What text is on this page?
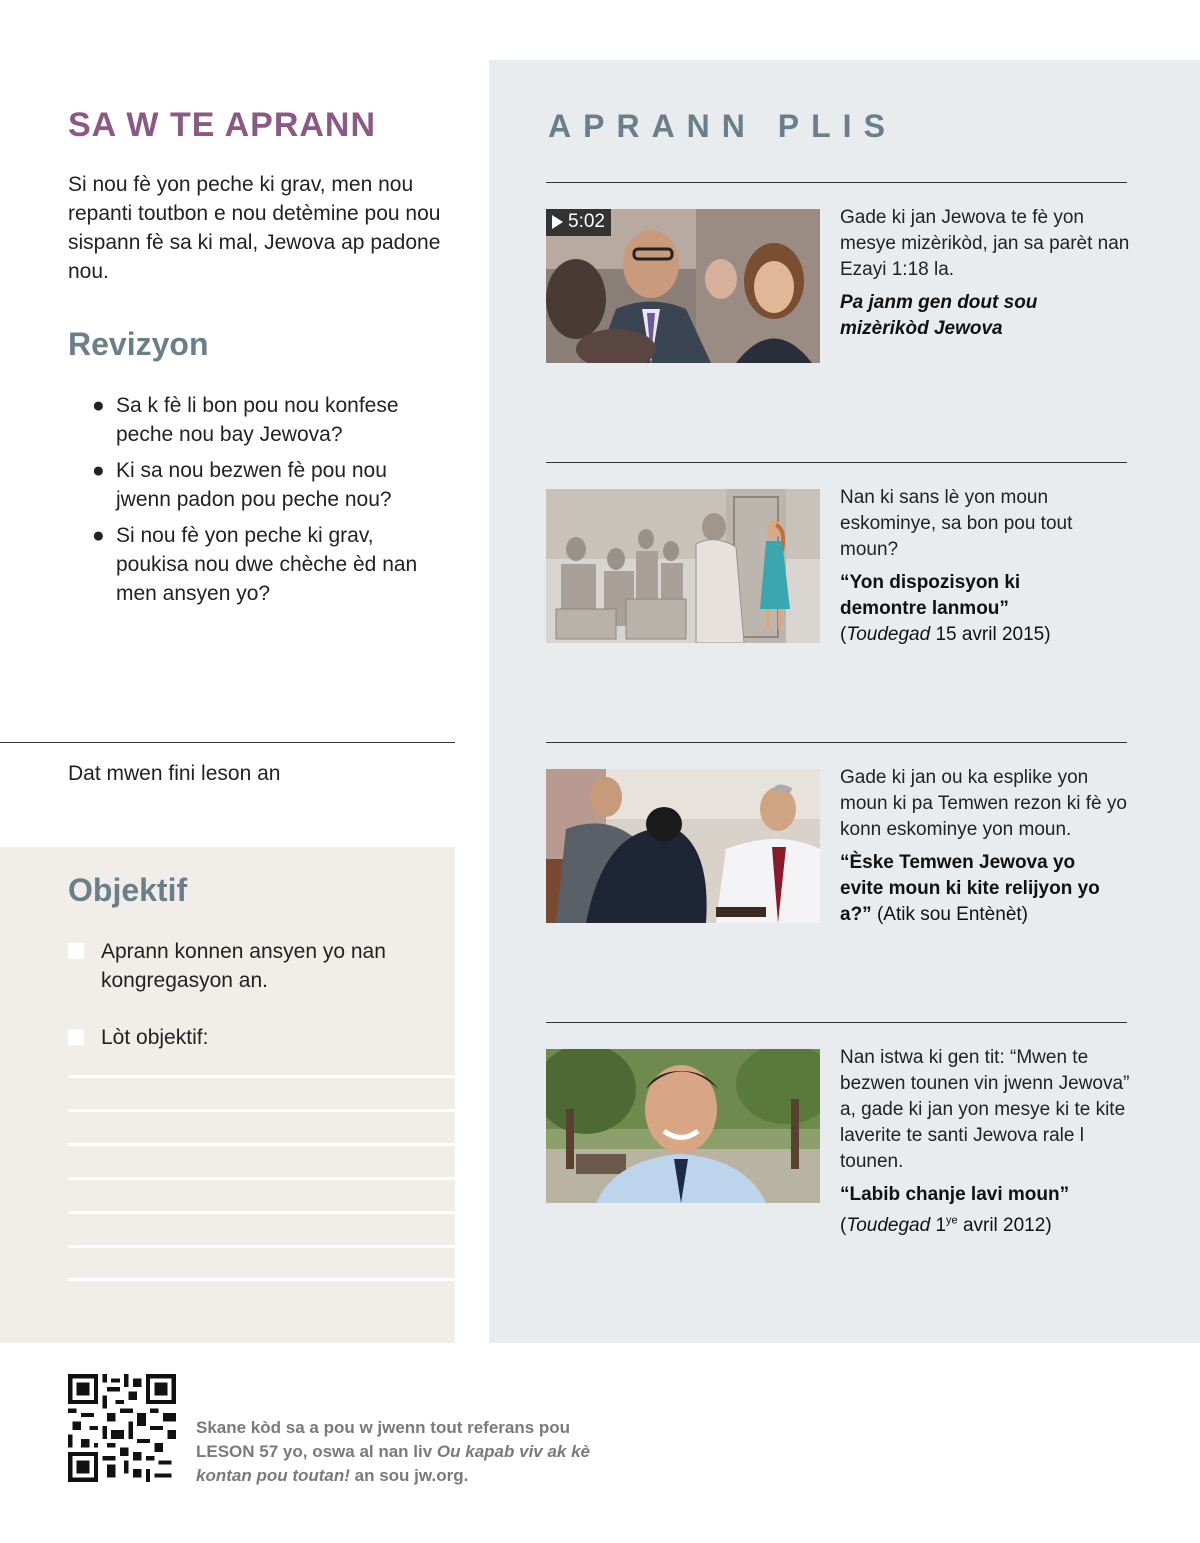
SA W TE APRANN

Si nou fè yon peche ki grav, men nou repanti toutbon e nou detèmine pou nou sispann fè sa ki mal, Jewova ap padone nou.

Revizyon
● Sa k fè li bon pou nou konfese peche nou bay Jewova?
● Ki sa nou bezwen fè pou nou jwenn padon pou peche nou?
● Si nou fè yon peche ki grav, poukisa nou dwe chèche èd nan men ansyen yo?
Dat mwen fini leson an
Objektif
Aprann konnen ansyen yo nan kongregasyon an.
Lòt objektif:
APRANN PLIS
5:02	Gade ki jan Jewova te fè yon mesye mizèrikòd, jan sa parèt nan Ezayi 1:18 la.

Pa janm gen dout sou mizèrikòd Jewova

Nan ki sans lè yon moun eskominye, sa bon pou tout moun?

“Yon dispozisyon ki demontre lanmou”
(Toudegad 15 avril 2015)

Gade ki jan ou ka esplike yon moun ki pa Temwen rezon ki fè yo konn eskominye yon moun.

“Èske Temwen Jewova yo evite moun ki kite relijyon yo a?” (Atik sou Entènèt)

Nan istwa ki gen tit: “Mwen te bezwen tounen vin jwenn Jewova” a, gade ki jan yon mesye ki te kite laverite te santi Jewova rale l tounen.

“Labib chanje lavi moun”
(Toudegad $1^{ye}$ avril 2012)

Skane kòd sa a pou w jwenn tout referans pou LESON 57 yo, oswa al nan liv Ou kapab viv ak kè kontan pou toutan! an sou jw.org.
